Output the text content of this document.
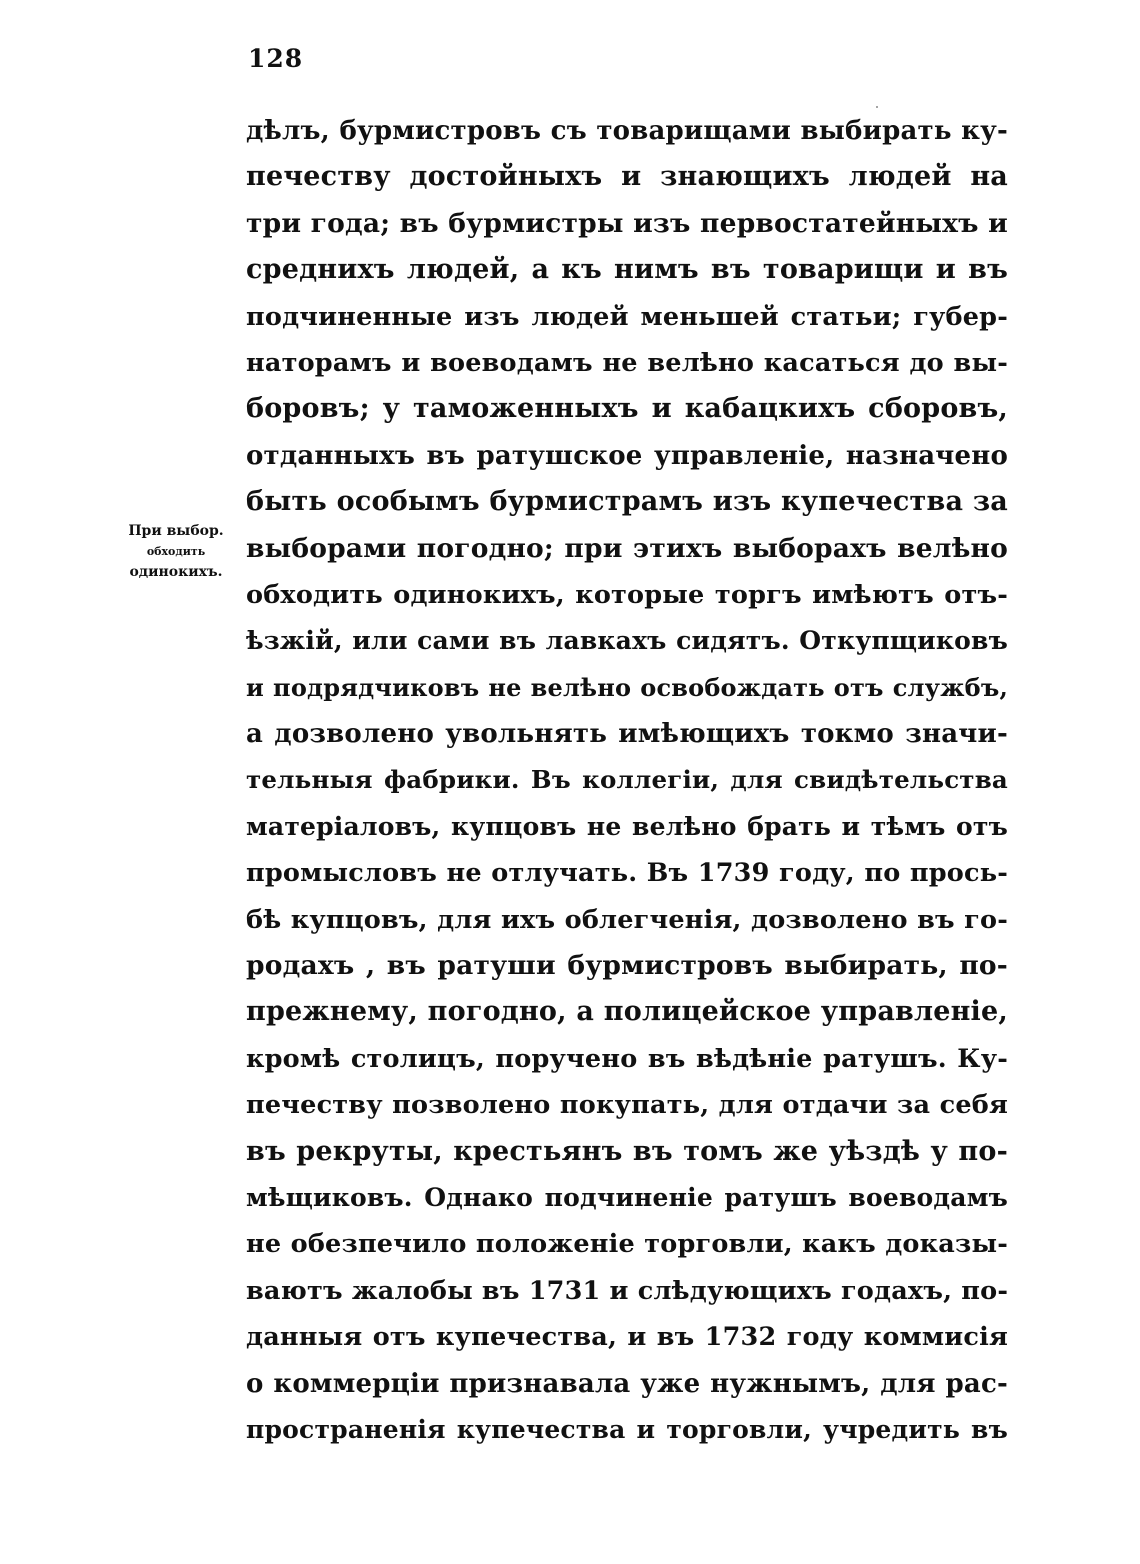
128
При выбор.
обходить
одинокихъ.
дѣлъ, бурмистровъ съ товарищами выбирать ку-
печеству достойныхъ и знающихъ людей на
три года; въ бурмистры изъ первостатейныхъ и
среднихъ людей, а къ нимъ въ товарищи и въ
подчиненные изъ людей меньшей статьи; губер-
наторамъ и воеводамъ не велѣно касаться до вы-
боровъ; у таможенныхъ и кабацкихъ сборовъ,
отданныхъ въ ратушское управленіе, назначено
быть особымъ бурмистрамъ изъ купечества за
выборами погодно; при этихъ выборахъ велѣно
обходить одинокихъ, которые торгъ имѣютъ отъ-
ѣзжій, или сами въ лавкахъ сидятъ. Откупщиковъ
и подрядчиковъ не велѣно освобождать отъ службъ,
а дозволено увольнять имѣющихъ токмо значи-
тельныя фабрики. Въ коллегіи, для свидѣтельства
матеріаловъ, купцовъ не велѣно брать и тѣмъ отъ
промысловъ не отлучать. Въ 1739 году, по прось-
бѣ купцовъ, для ихъ облегченія, дозволено въ го-
родахъ , въ ратуши бурмистровъ выбирать, по-
прежнему, погодно, а полицейское управленіе,
кромѣ столицъ, поручено въ вѣдѣніе ратушъ. Ку-
печеству позволено покупать, для отдачи за себя
въ рекруты, крестьянъ въ томъ же уѣздѣ у по-
мѣщиковъ. Однако подчиненіе ратушъ воеводамъ
не обезпечило положеніе торговли, какъ доказы-
ваютъ жалобы въ 1731 и слѣдующихъ годахъ, по-
данныя отъ купечества, и въ 1732 году коммисія
о коммерціи признавала уже нужнымъ, для рас-
пространенія купечества и торговли, учредить въ
